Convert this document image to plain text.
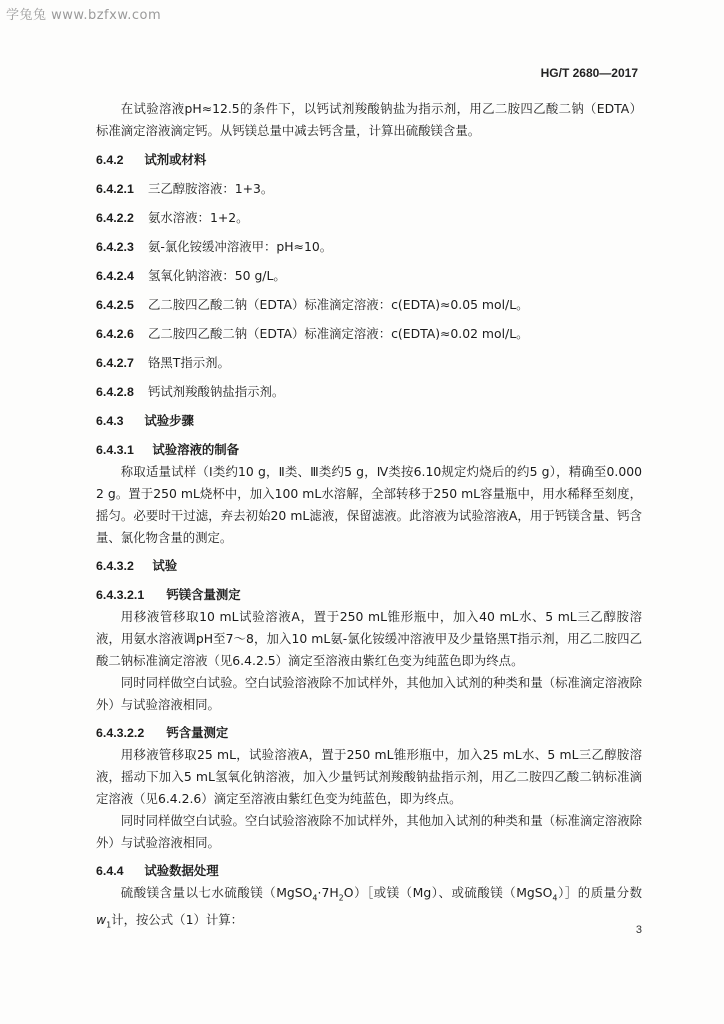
学兔兔 www.bzfxw.com
HG/T 2680—2017

在试验溶液pH≈12.5的条件下，以钙试剂羧酸钠盐为指示剂，用乙二胺四乙酸二钠（EDTA）标准滴定溶液滴定钙。从钙镁总量中减去钙含量，计算出硫酸镁含量。

6.4.2 试剂或材料

6.4.2.1 三乙醇胺溶液：1+3。

6.4.2.2 氨水溶液：1+2。

6.4.2.3 氨-氯化铵缓冲溶液甲：pH≈10。

6.4.2.4 氢氧化钠溶液：50 g/L。

6.4.2.5 乙二胺四乙酸二钠（EDTA）标准滴定溶液：c(EDTA)≈0.05 mol/L。

6.4.2.6 乙二胺四乙酸二钠（EDTA）标准滴定溶液：c(EDTA)≈0.02 mol/L。

6.4.2.7 铬黑T指示剂。

6.4.2.8 钙试剂羧酸钠盐指示剂。

6.4.3 试验步骤

6.4.3.1 试验溶液的制备

称取适量试样（Ⅰ类约10 g，Ⅱ类、Ⅲ类约5 g，Ⅳ类按6.10规定灼烧后的约5 g），精确至0.000 2 g。置于250 mL烧杯中，加入100 mL水溶解，全部转移于250 mL容量瓶中，用水稀释至刻度，摇匀。必要时干过滤，弃去初始20 mL滤液，保留滤液。此溶液为试验溶液A，用于钙镁含量、钙含量、氯化物含量的测定。

6.4.3.2 试验

6.4.3.2.1 钙镁含量测定

用移液管移取10 mL试验溶液A，置于250 mL锥形瓶中，加入40 mL水、5 mL三乙醇胺溶液，用氨水溶液调pH至7～8，加入10 mL氨-氯化铵缓冲溶液甲及少量铬黑T指示剂，用乙二胺四乙酸二钠标准滴定溶液（见6.4.2.5）滴定至溶液由紫红色变为纯蓝色即为终点。

同时同样做空白试验。空白试验溶液除不加试样外，其他加入试剂的种类和量（标准滴定溶液除外）与试验溶液相同。

6.4.3.2.2 钙含量测定

用移液管移取25 mL，试验溶液A，置于250 mL锥形瓶中，加入25 mL水、5 mL三乙醇胺溶液，摇动下加入5 mL氢氧化钠溶液，加入少量钙试剂羧酸钠盐指示剂，用乙二胺四乙酸二钠标准滴定溶液（见6.4.2.6）滴定至溶液由紫红色变为纯蓝色，即为终点。

同时同样做空白试验。空白试验溶液除不加试样外，其他加入试剂的种类和量（标准滴定溶液除外）与试验溶液相同。

6.4.4 试验数据处理

硫酸镁含量以七水硫酸镁$(MgSO_4\cdot 7H_2O)[$或镁（Mg）、或硫酸镁（MgSO$_4$）］的质量分数 $w_1$计，按公式（1）计算：

3
